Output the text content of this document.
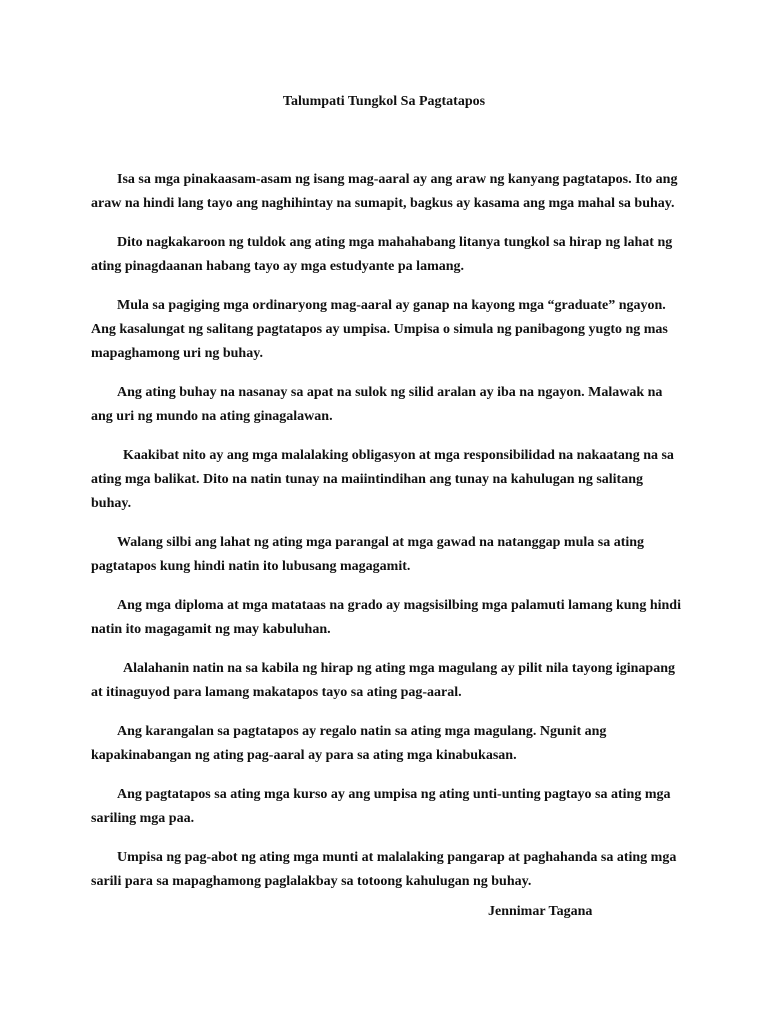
Talumpati Tungkol Sa Pagtatapos

Isa sa mga pinakaasam-asam ng isang mag-aaral ay ang araw ng kanyang pagtatapos. Ito ang araw na hindi lang tayo ang naghihintay na sumapit, bagkus ay kasama ang mga mahal sa buhay.

Dito nagkakaroon ng tuldok ang ating mga mahahabang litanya tungkol sa hirap ng lahat ng ating pinagdaanan habang tayo ay mga estudyante pa lamang.

Mula sa pagiging mga ordinaryong mag-aaral ay ganap na kayong mga “graduate” ngayon. Ang kasalungat ng salitang pagtatapos ay umpisa. Umpisa o simula ng panibagong yugto ng mas mapaghamong uri ng buhay.

Ang ating buhay na nasanay sa apat na sulok ng silid aralan ay iba na ngayon. Malawak na ang uri ng mundo na ating ginagalawan.

Kaakibat nito ay ang mga malalaking obligasyon at mga responsibilidad na nakaatang na sa ating mga balikat. Dito na natin tunay na maiintindihan ang tunay na kahulugan ng salitang buhay.

Walang silbi ang lahat ng ating mga parangal at mga gawad na natanggap mula sa ating pagtatapos kung hindi natin ito lubusang magagamit.

Ang mga diploma at mga matataas na grado ay magsisilbing mga palamuti lamang kung hindi natin ito magagamit ng may kabuluhan.

Alalahanin natin na sa kabila ng hirap ng ating mga magulang ay pilit nila tayong iginapang at itinaguyod para lamang makatapos tayo sa ating pag-aaral.

Ang karangalan sa pagtatapos ay regalo natin sa ating mga magulang. Ngunit ang kapakinabangan ng ating pag-aaral ay para sa ating mga kinabukasan.

Ang pagtatapos sa ating mga kurso ay ang umpisa ng ating unti-unting pagtayo sa ating mga sariling mga paa.

Umpisa ng pag-abot ng ating mga munti at malalaking pangarap at paghahanda sa ating mga sarili para sa mapaghamong paglalakbay sa totoong kahulugan ng buhay.

Jennimar Tagana
